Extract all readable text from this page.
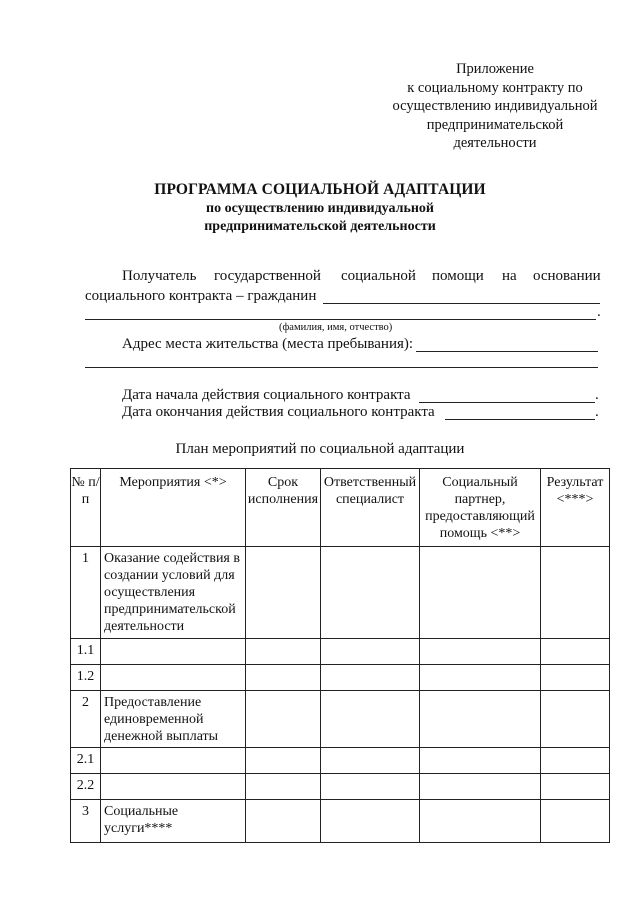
Приложение
к социальному контракту по
осуществлению индивидуальной
предпринимательской
деятельности
ПРОГРАММА СОЦИАЛЬНОЙ АДАПТАЦИИ
по осуществлению индивидуальной
предпринимательской деятельности
Получатель государственной социальной помощи на основании
социального контракта – гражданин
.
(фамилия, имя, отчество)
Адрес места жительства (места пребывания):
Дата начала действия социального контракта	.
Дата окончания действия социального контракта	.
План мероприятий по социальной адаптации
№ п/п	Мероприятия <*>	Срок исполнения	Ответственный специалист	Социальный партнер, предоставляющий помощь <**>	Результат <***>
1	Оказание содействия в создании условий для осуществления предпринимательской деятельности				
1.1					
1.2					
2	Предоставление единовременной денежной выплаты				
2.1					
2.2					
3	Социальные услуги****				
